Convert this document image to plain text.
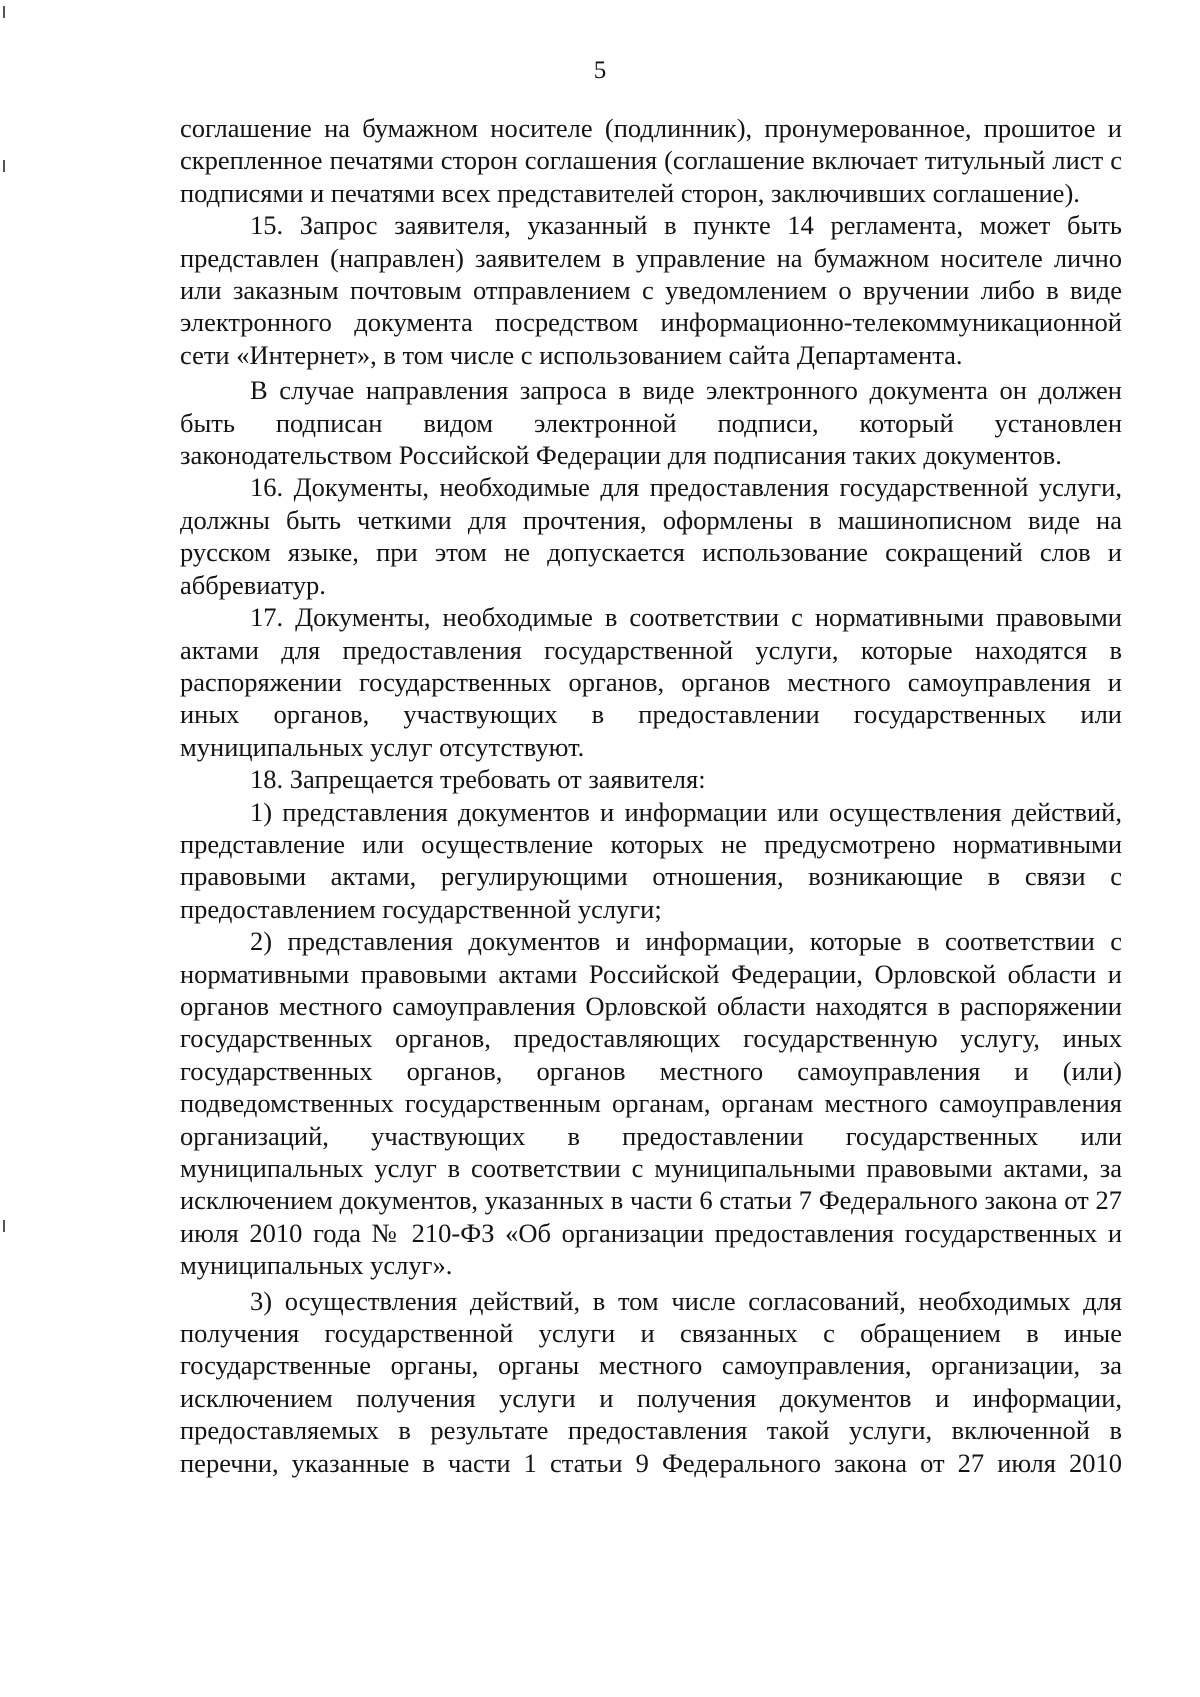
5

соглашение на бумажном носителе (подлинник), пронумерованное, прошитое и скрепленное печатями сторон соглашения (соглашение включает титульный лист с подписями и печатями всех представителей сторон, заключивших соглашение).

15. Запрос заявителя, указанный в пункте 14 регламента, может быть представлен (направлен) заявителем в управление на бумажном носителе лично или заказным почтовым отправлением с уведомлением о вручении либо в виде электронного документа посредством информационно-телекоммуникационной сети «Интернет», в том числе с использованием сайта Департамента.

В случае направления запроса в виде электронного документа он должен быть подписан видом электронной подписи, который установлен законодательством Российской Федерации для подписания таких документов.

16. Документы, необходимые для предоставления государственной услуги, должны быть четкими для прочтения, оформлены в машинописном виде на русском языке, при этом не допускается использование сокращений слов и аббревиатур.

17. Документы, необходимые в соответствии с нормативными правовыми актами для предоставления государственной услуги, которые находятся в распоряжении государственных органов, органов местного самоуправления и иных органов, участвующих в предоставлении государственных или муниципальных услуг отсутствуют.

18. Запрещается требовать от заявителя:

1) представления документов и информации или осуществления действий, представление или осуществление которых не предусмотрено нормативными правовыми актами, регулирующими отношения, возникающие в связи с предоставлением государственной услуги;

2) представления документов и информации, которые в соответствии с нормативными правовыми актами Российской Федерации, Орловской области и органов местного самоуправления Орловской области находятся в распоряжении государственных органов, предоставляющих государственную услугу, иных государственных органов, органов местного самоуправления и (или) подведомственных государственным органам, органам местного самоуправления организаций, участвующих в предоставлении государственных или муниципальных услуг в соответствии с муниципальными правовыми актами, за исключением документов, указанных в части 6 статьи 7 Федерального закона от 27 июля 2010 года № 210-ФЗ «Об организации предоставления государственных и муниципальных услуг».

3) осуществления действий, в том числе согласований, необходимых для получения государственной услуги и связанных с обращением в иные государственные органы, органы местного самоуправления, организации, за исключением получения услуги и получения документов и информации, предоставляемых в результате предоставления такой услуги, включенной в перечни, указанные в части 1 статьи 9 Федерального закона от 27 июля 2010
